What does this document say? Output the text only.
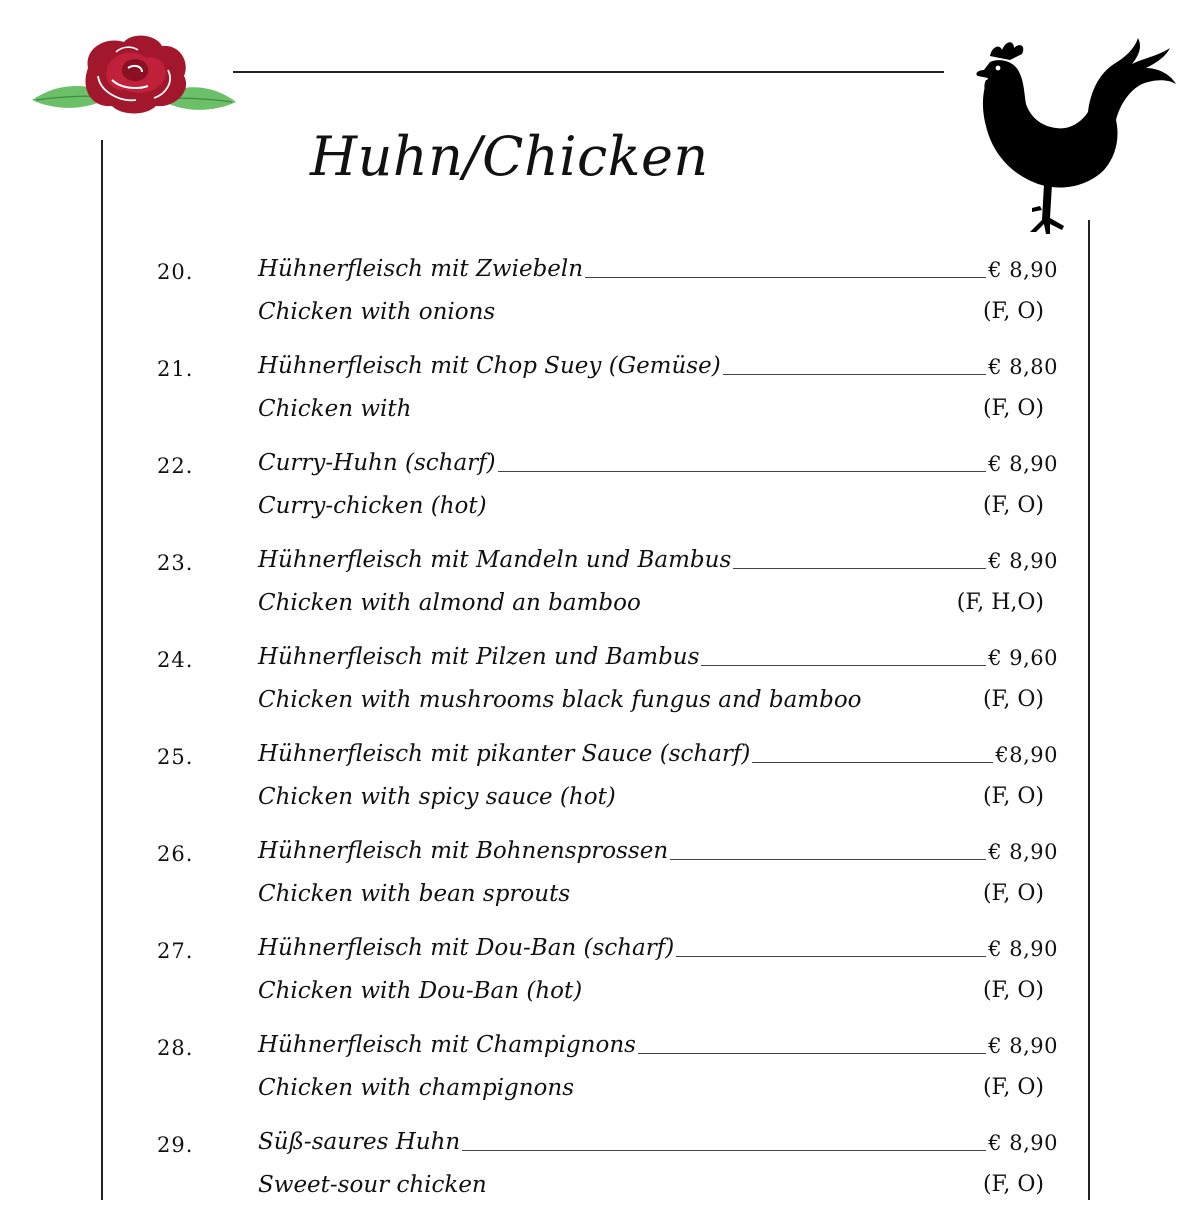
Huhn/Chicken
20.	Hühnerfleisch mit Zwiebeln	€ 8,90
Chicken with onions	(F, O)
21.	Hühnerfleisch mit Chop Suey (Gemüse)	€ 8,80
Chicken with	(F, O)
22.	Curry-Huhn (scharf)	€ 8,90
Curry-chicken (hot)	(F, O)
23.	Hühnerfleisch mit Mandeln und Bambus	€ 8,90
Chicken with almond an bamboo	(F, H,O)
24.	Hühnerfleisch mit Pilzen und Bambus	€ 9,60
Chicken with mushrooms black fungus and bamboo	(F, O)
25.	Hühnerfleisch mit pikanter Sauce (scharf)	€8,90
Chicken with spicy sauce (hot)	(F, O)
26.	Hühnerfleisch mit Bohnensprossen	€ 8,90
Chicken with bean sprouts	(F, O)
27.	Hühnerfleisch mit Dou-Ban (scharf)	€ 8,90
Chicken with Dou-Ban (hot)	(F, O)
28.	Hühnerfleisch mit Champignons	€ 8,90
Chicken with champignons	(F, O)
29.	Süß-saures Huhn	€ 8,90
Sweet-sour chicken	(F, O)
